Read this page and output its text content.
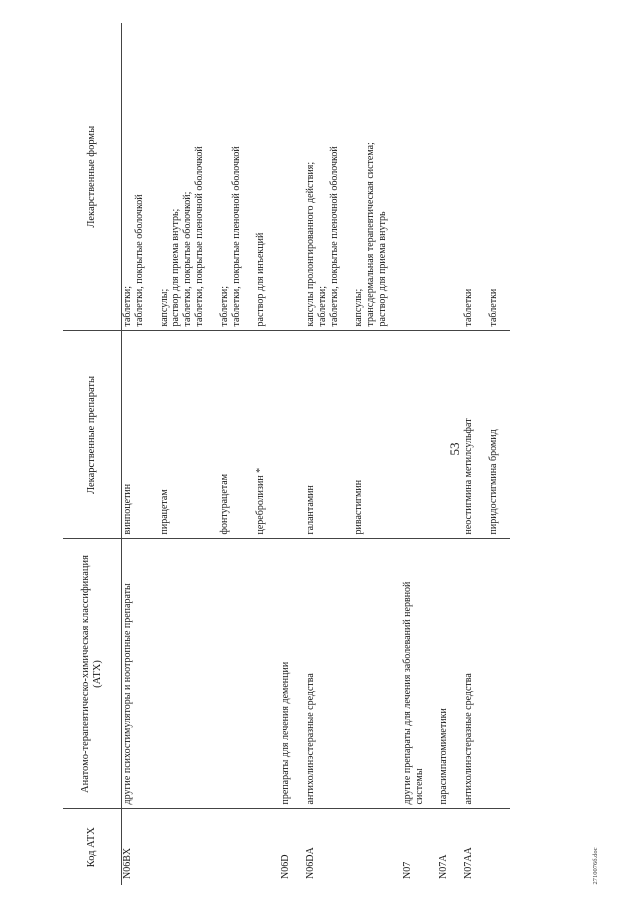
53
Код АТХ	Анатомо-терапевтическо-химическая классификация (АТХ)	Лекарственные препараты	Лекарственные формы
N06BX	другие психостимуляторы и ноотропные препараты	винпоцетин	таблетки; таблетки, покрытые оболочкой

		пирацетам	капсулы; раствор для приема внутрь; таблетки, покрытые оболочкой; таблетки, покрытые пленочной оболочкой

		фонтурацетам	таблетки; таблетки, покрытые пленочной оболочкой

		церебролизин *	раствор для инъекций

N06D	препараты для лечения деменции		

N06DA	антихолинэстеразные средства	галантамин	капсулы пролонгированного действия; таблетки; таблетки, покрытые пленочной оболочкой

		ривастигмин	капсулы; трансдермальная терапевтическая система; раствор для приема внутрь

N07	другие препараты для лечения заболеваний нервной системы		

N07A	парасимпатомиметики		

N07AA	антихолинэстеразные средства	неостигмина метилсульфат	таблетки

		пиридостигмина бромид	таблетки

2710076б.doc
